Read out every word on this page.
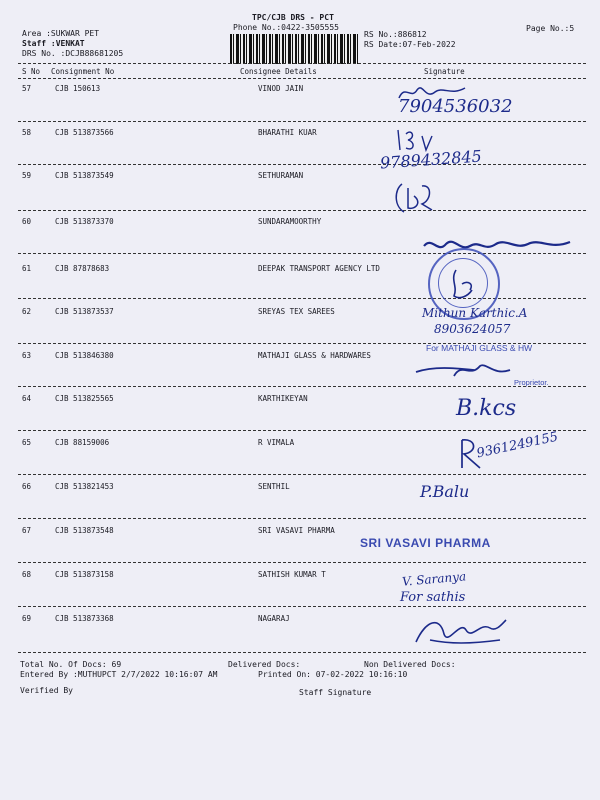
TPC/CJB DRS - PCT
Phone No.:0422-3505555
Area :SUKWAR PET
Staff :VENKAT
DRS No. :DCJB88681205
RS No.:886812
RS Date:07-Feb-2022
Page No.:5
S No Consignment No	Consignee Details	Signature
57	CJB 150613	VINOD JAIN
58	CJB 513873566	BHARATHI KUAR
59	CJB 513873549	SETHURAMAN
60	CJB 513873370	SUNDARAMOORTHY
61	CJB 87878683	DEEPAK TRANSPORT AGENCY LTD
62	CJB 513873537	SREYAS TEX SAREES
63	CJB 513846380	MATHAJI GLASS & HARDWARES
64	CJB 513825565	KARTHIKEYAN
65	CJB 88159006	R VIMALA
66	CJB 513821453	SENTHIL
67	CJB 513873548	SRI VASAVI PHARMA
68	CJB 513873158	SATHISH KUMAR T
69	CJB 513873368	NAGARAJ
7904536032
9789432845
Mithun Karthic.A
8903624057
For MATHAJI GLASS & HW
Proprietor.
B.kcs
9361249155
P.Balu
SRI VASAVI PHARMA
V. Saranya
For sathis
Total No. Of Docs: 69	Delivered Docs:	Non Delivered Docs:
Entered By :MUTHUPCT 2/7/2022 10:16:07 AM	Printed On: 07-02-2022 10:16:10
Verified By	Staff Signature
